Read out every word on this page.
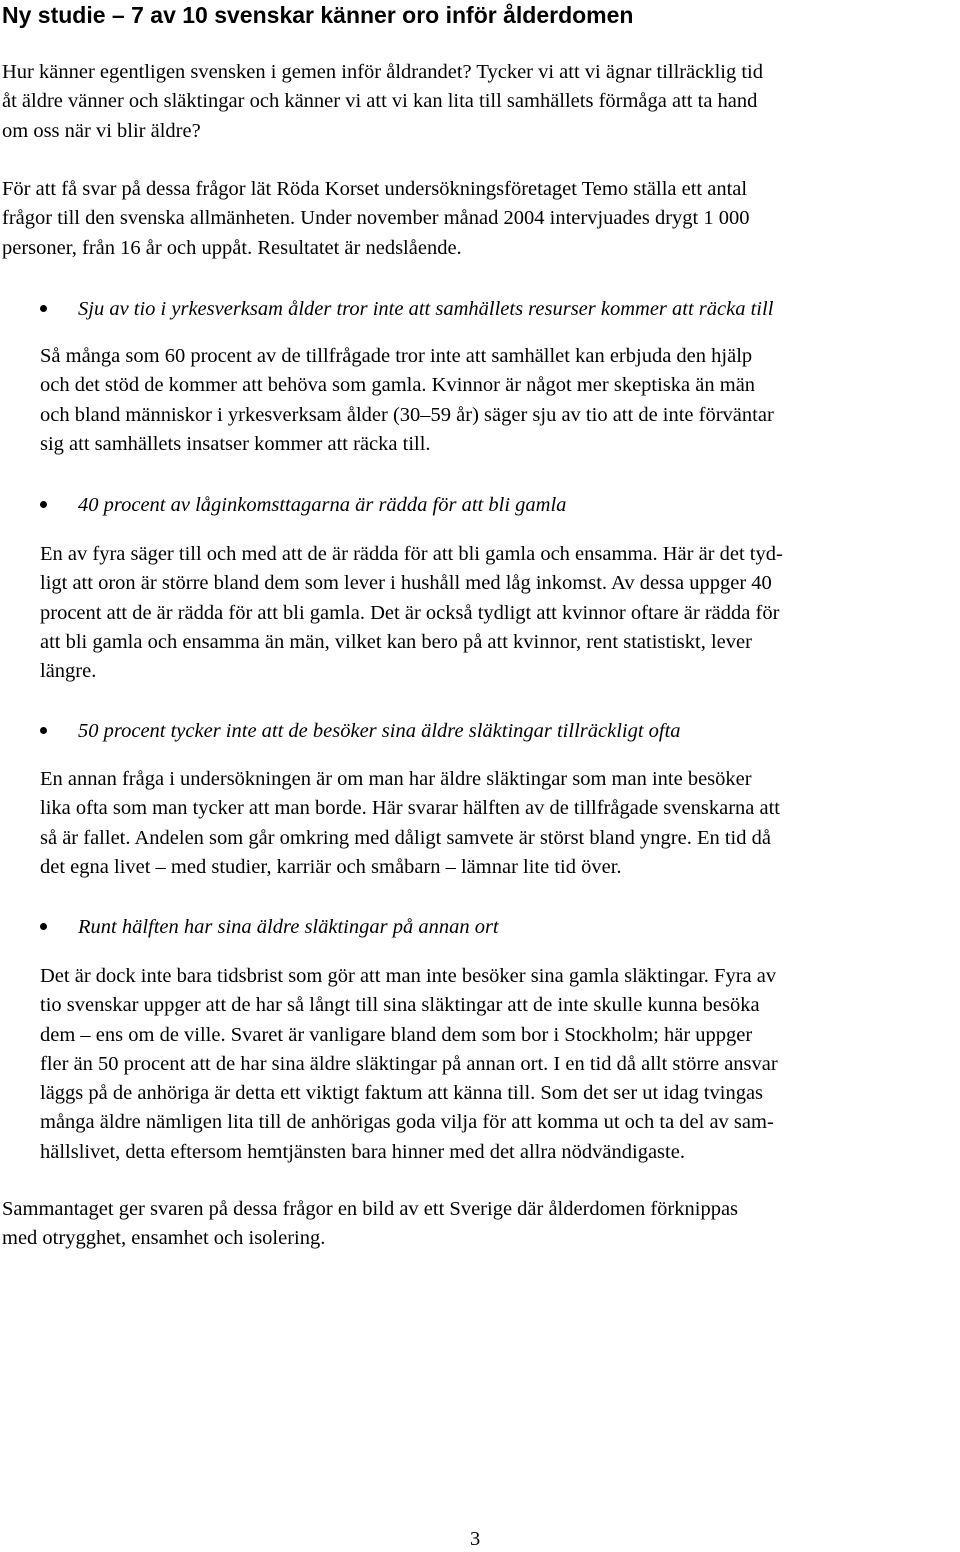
Ny studie – 7 av 10 svenskar känner oro inför ålderdomen

Hur känner egentligen svensken i gemen inför åldrandet? Tycker vi att vi ägnar tillräcklig tid
åt äldre vänner och släktingar och känner vi att vi kan lita till samhällets förmåga att ta hand
om oss när vi blir äldre?

För att få svar på dessa frågor lät Röda Korset undersökningsföretaget Temo ställa ett antal
frågor till den svenska allmänheten. Under november månad 2004 intervjuades drygt 1 000
personer, från 16 år och uppåt. Resultatet är nedslående.

Sju av tio i yrkesverksam ålder tror inte att samhällets resurser kommer att räcka till

Så många som 60 procent av de tillfrågade tror inte att samhället kan erbjuda den hjälp
och det stöd de kommer att behöva som gamla. Kvinnor är något mer skeptiska än män
och bland människor i yrkesverksam ålder (30–59 år) säger sju av tio att de inte förväntar
sig att samhällets insatser kommer att räcka till.

40 procent av låginkomsttagarna är rädda för att bli gamla

En av fyra säger till och med att de är rädda för att bli gamla och ensamma. Här är det tyd-
ligt att oron är större bland dem som lever i hushåll med låg inkomst. Av dessa uppger 40
procent att de är rädda för att bli gamla. Det är också tydligt att kvinnor oftare är rädda för
att bli gamla och ensamma än män, vilket kan bero på att kvinnor, rent statistiskt, lever
längre.

50 procent tycker inte att de besöker sina äldre släktingar tillräckligt ofta

En annan fråga i undersökningen är om man har äldre släktingar som man inte besöker
lika ofta som man tycker att man borde. Här svarar hälften av de tillfrågade svenskarna att
så är fallet. Andelen som går omkring med dåligt samvete är störst bland yngre. En tid då
det egna livet – med studier, karriär och småbarn – lämnar lite tid över.

Runt hälften har sina äldre släktingar på annan ort

Det är dock inte bara tidsbrist som gör att man inte besöker sina gamla släktingar. Fyra av
tio svenskar uppger att de har så långt till sina släktingar att de inte skulle kunna besöka
dem – ens om de ville. Svaret är vanligare bland dem som bor i Stockholm; här uppger
fler än 50 procent att de har sina äldre släktingar på annan ort. I en tid då allt större ansvar
läggs på de anhöriga är detta ett viktigt faktum att känna till. Som det ser ut idag tvingas
många äldre nämligen lita till de anhörigas goda vilja för att komma ut och ta del av sam-
hällslivet, detta eftersom hemtjänsten bara hinner med det allra nödvändigaste.

Sammantaget ger svaren på dessa frågor en bild av ett Sverige där ålderdomen förknippas
med otrygghet, ensamhet och isolering.

3
